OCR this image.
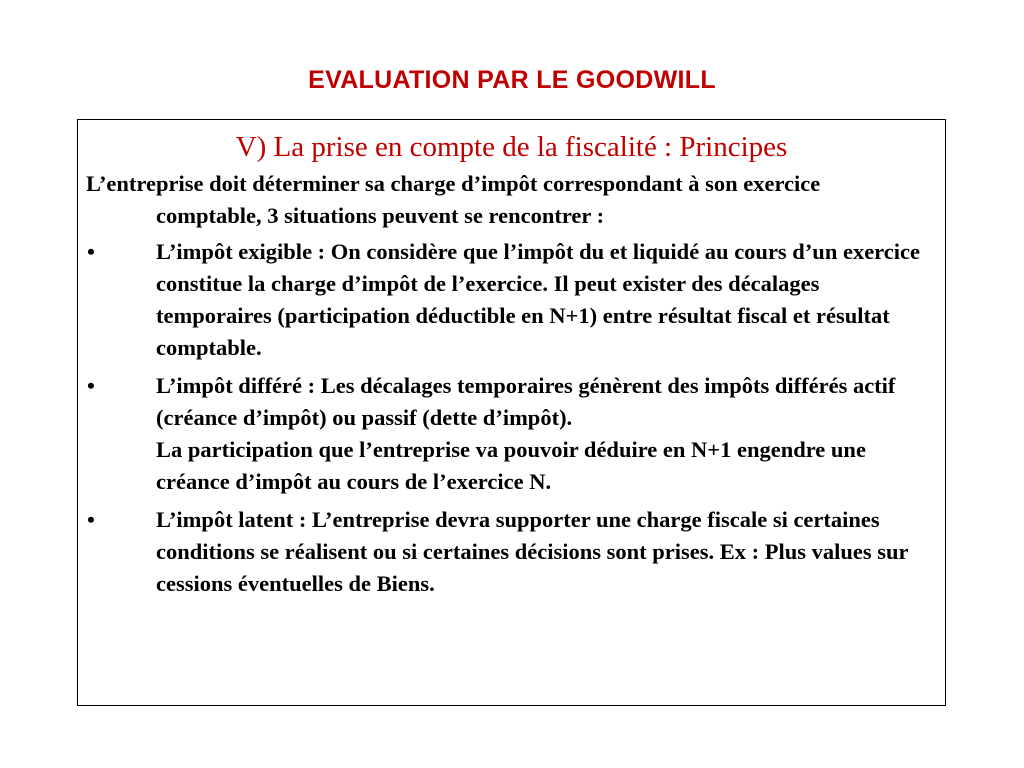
EVALUATION PAR LE GOODWILL
V) La prise en compte de la fiscalité : Principes

L’entreprise doit déterminer sa charge d’impôt correspondant à son exercice comptable, 3 situations peuvent se rencontrer :

•	L’impôt exigible : On considère que l’impôt du et liquidé au cours d’un exercice constitue la charge d’impôt de l’exercice. Il peut exister des décalages temporaires (participation déductible en N+1) entre résultat fiscal et résultat comptable.
•	L’impôt différé : Les décalages temporaires génèrent des impôts différés actif (créance d’impôt) ou passif (dette d’impôt).
La participation que l’entreprise va pouvoir déduire en N+1 engendre une créance d’impôt au cours de l’exercice N.
•	L’impôt latent : L’entreprise devra supporter une charge fiscale si certaines conditions se réalisent ou si certaines décisions sont prises. Ex : Plus values sur cessions éventuelles de Biens.
